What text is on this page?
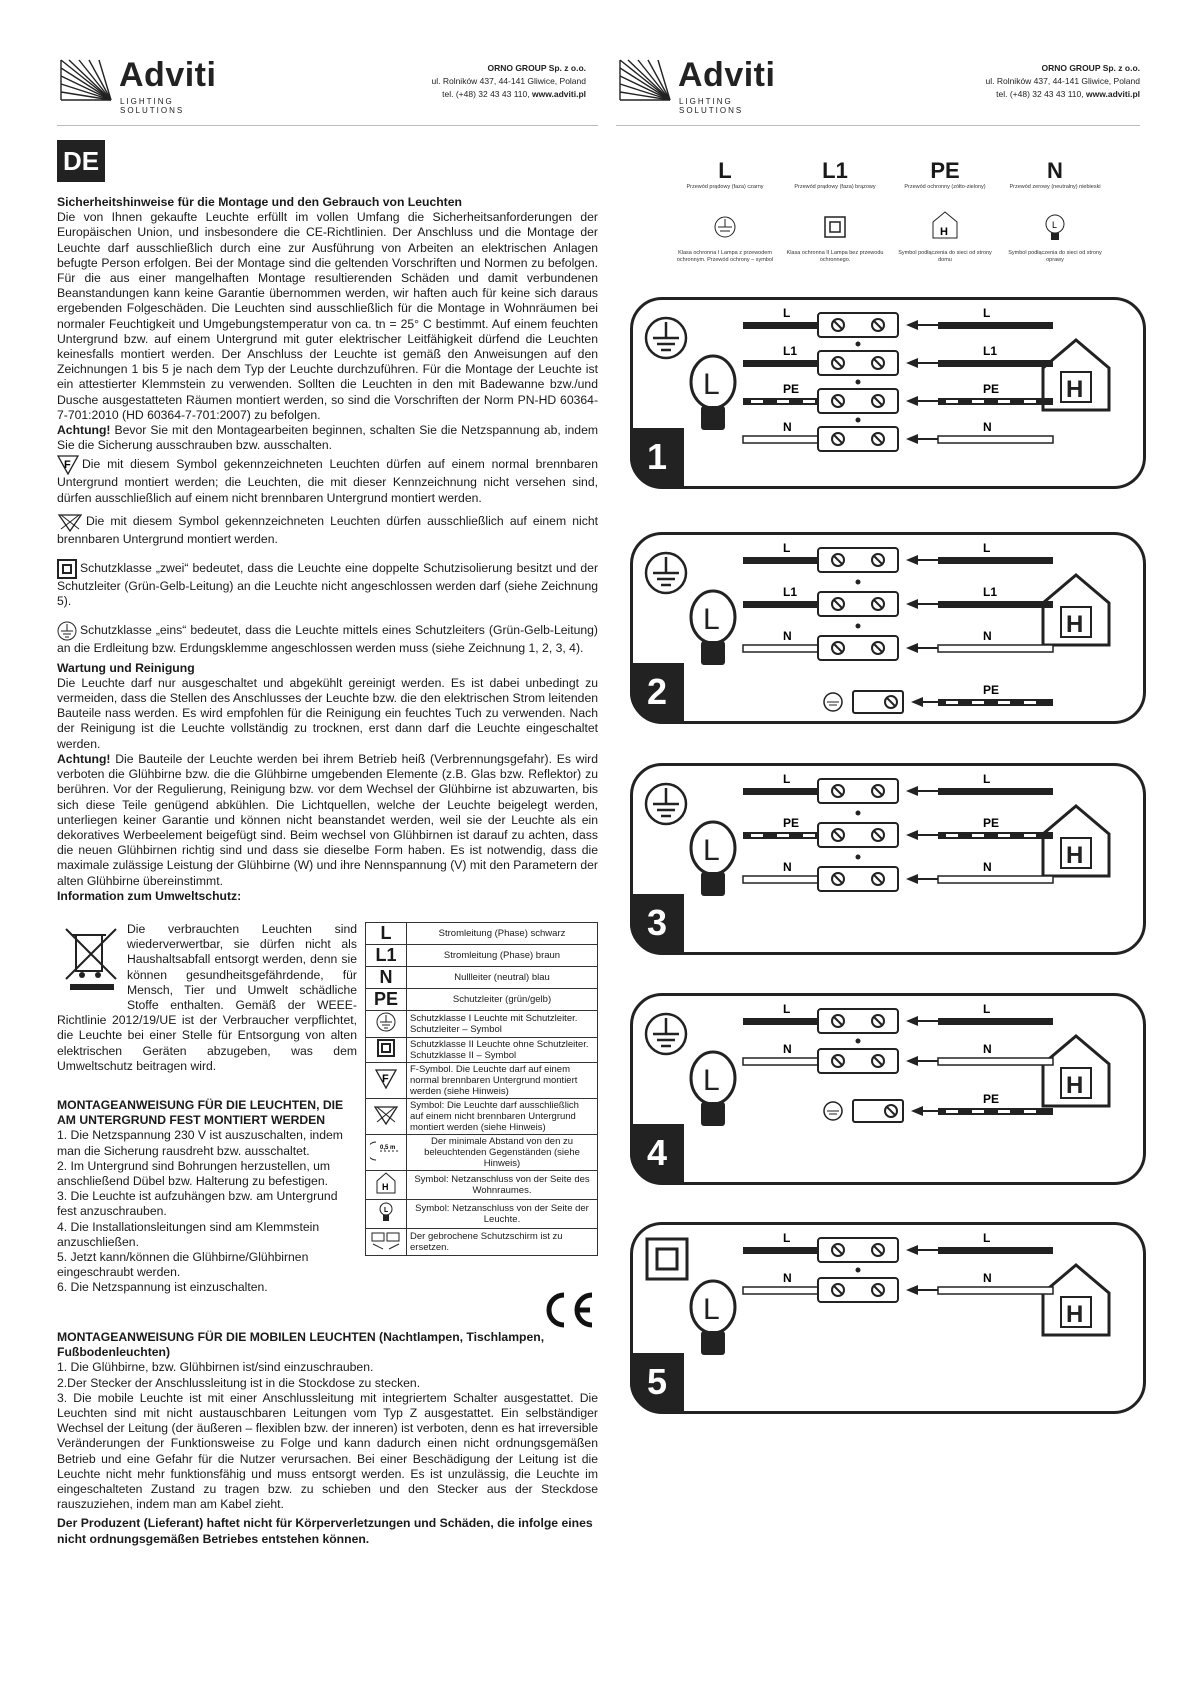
Adviti
LIGHTING SOLUTIONS
ORNO GROUP Sp. z o.o.
ul. Rolników 437, 44-141 Gliwice, Poland
tel. (+48) 32 43 43 110, www.adviti.pl	Adviti
LIGHTING SOLUTIONS
ORNO GROUP Sp. z o.o.
ul. Rolników 437, 44-141 Gliwice, Poland
tel. (+48) 32 43 43 110, www.adviti.pl
DE

Sicherheitshinweise für die Montage und den Gebrauch von Leuchten

Die von Ihnen gekaufte Leuchte erfüllt im vollen Umfang die Sicherheitsanforderungen der Europäischen Union, und insbesondere die CE-Richtlinien. Der Anschluss und die Montage der Leuchte darf ausschließlich durch eine zur Ausführung von Arbeiten an elektrischen Anlagen befugte Person erfolgen. Bei der Montage sind die geltenden Vorschriften und Normen zu befolgen. Für die aus einer mangelhaften Montage resultierenden Schäden und damit verbundenen Beanstandungen kann keine Garantie übernommen werden, wir haften auch für keine sich daraus ergebenden Folgeschäden. Die Leuchten sind ausschließlich für die Montage in Wohnräumen bei normaler Feuchtigkeit und Umgebungstemperatur von ca. tn = 25° C bestimmt. Auf einem feuchten Untergrund bzw. auf einem Untergrund mit guter elektrischer Leitfähigkeit dürfend die Leuchten keinesfalls montiert werden. Der Anschluss der Leuchte ist gemäß den Anweisungen auf den Zeichnungen 1 bis 5 je nach dem Typ der Leuchte durchzuführen. Für die Montage der Leuchte ist ein attestierter Klemmstein zu verwenden. Sollten die Leuchten in den mit Badewanne bzw./und Dusche ausgestatteten Räumen montiert werden, so sind die Vorschriften der Norm PN-HD 60364-7-701:2010 (HD 60364-7-701:2007) zu befolgen.

Achtung! Bevor Sie mit den Montagearbeiten beginnen, schalten Sie die Netzspannung ab, indem Sie die Sicherung ausschrauben bzw. ausschalten.

F Die mit diesem Symbol gekennzeichneten Leuchten dürfen auf einem normal brennbaren Untergrund montiert werden; die Leuchten, die mit dieser Kennzeichnung nicht versehen sind, dürfen ausschließlich auf einem nicht brennbaren Untergrund montiert werden.

Die mit diesem Symbol gekennzeichneten Leuchten dürfen ausschließlich auf einem nicht brennbaren Untergrund montiert werden.

Schutzklasse „zwei“ bedeutet, dass die Leuchte eine doppelte Schutzisolierung besitzt und der Schutzleiter (Grün-Gelb-Leitung) an die Leuchte nicht angeschlossen werden darf (siehe Zeichnung 5).

Schutzklasse „eins“ bedeutet, dass die Leuchte mittels eines Schutzleiters (Grün-Gelb-Leitung) an die Erdleitung bzw. Erdungsklemme angeschlossen werden muss (siehe Zeichnung 1, 2, 3, 4).

Wartung und Reinigung

Die Leuchte darf nur ausgeschaltet und abgekühlt gereinigt werden. Es ist dabei unbedingt zu vermeiden, dass die Stellen des Anschlusses der Leuchte bzw. die den elektrischen Strom leitenden Bauteile nass werden. Es wird empfohlen für die Reinigung ein feuchtes Tuch zu verwenden. Nach der Reinigung ist die Leuchte vollständig zu trocknen, erst dann darf die Leuchte eingeschaltet werden.

Achtung! Die Bauteile der Leuchte werden bei ihrem Betrieb heiß (Verbrennungsgefahr). Es wird verboten die Glühbirne bzw. die die Glühbirne umgebenden Elemente (z.B. Glas bzw. Reflektor) zu berühren. Vor der Regulierung, Reinigung bzw. vor dem Wechsel der Glühbirne ist abzuwarten, bis sich diese Teile genügend abkühlen. Die Lichtquellen, welche der Leuchte beigelegt werden, unterliegen keiner Garantie und können nicht beanstandet werden, weil sie der Leuchte als ein dekoratives Werbeelement beigefügt sind. Beim wechsel von Glühbirnen ist darauf zu achten, dass die neuen Glühbirnen richtig sind und dass sie dieselbe Form haben. Es ist notwendig, dass die maximale zulässige Leistung der Glühbirne (W) und ihre Nennspannung (V) mit den Parametern der alten Glühbirne übereinstimmt.

Information zum Umweltschutz:

Die verbrauchten Leuchten sind wiederverwertbar, sie dürfen nicht als Haushaltsabfall entsorgt werden, denn sie können gesundheitsgefährdende, für Mensch, Tier und Umwelt schädliche Stoffe enthalten. Gemäß der WEEE-Richtlinie 2012/19/UE ist der Verbraucher verpflichtet, die Leuchte bei einer Stelle für Entsorgung von alten elektrischen Geräten abzugeben, was dem Umweltschutz beitragen wird.

MONTAGEANWEISUNG FÜR DIE LEUCHTEN, DIE AM UNTERGRUND FEST MONTIERT WERDEN

1. Die Netzspannung 230 V ist auszuschalten, indem man die Sicherung rausdreht bzw. ausschaltet.
2. Im Untergrund sind Bohrungen herzustellen, um anschließend Dübel bzw. Halterung zu befestigen.
3. Die Leuchte ist aufzuhängen bzw. am Untergrund fest anzuschrauben.
4. Die Installationsleitungen sind am Klemmstein anzuschließen.
5. Jetzt kann/können die Glühbirne/Glühbirnen eingeschraubt werden.
6. Die Netzspannung ist einzuschalten.
L	Stromleitung (Phase) schwarz
L1	Stromleitung (Phase) braun
N	Nullleiter (neutral) blau
PE	Schutzleiter (grün/gelb)
	Schutzklasse I Leuchte mit Schutzleiter. Schutzleiter – Symbol
	Schutzklasse II Leuchte ohne Schutzleiter. Schutzklasse II – Symbol

F	F-Symbol. Die Leuchte darf auf einem normal brennbaren Untergrund montiert werden (siehe Hinweis)
	Symbol: Die Leuchte darf ausschließlich auf einem nicht brennbaren Untergrund montiert werden (siehe Hinweis)

0,5 m	Der minimale Abstand von den zu beleuchtenden Gegenständen (siehe Hinweis)

H	Symbol: Netzanschluss von der Seite des Wohnraumes.

L	Symbol: Netzanschluss von der Seite der Leuchte.
	Der gebrochene Schutzschirm ist zu ersetzen.

MONTAGEANWEISUNG FÜR DIE MOBILEN LEUCHTEN (Nachtlampen, Tischlampen, Fußbodenleuchten)

1. Die Glühbirne, bzw. Glühbirnen ist/sind einzuschrauben.
2.Der Stecker der Anschlussleitung ist in die Stockdose zu stecken.
3. Die mobile Leuchte ist mit einer Anschlussleitung mit integriertem Schalter ausgestattet. Die Leuchten sind mit nicht austauschbaren Leitungen vom Typ Z ausgestattet. Ein selbständiger Wechsel der Leitung (der äußeren – flexiblen bzw. der inneren) ist verboten, denn es hat irreversible Veränderungen der Funktionsweise zu Folge und kann dadurch einen nicht ordnungsgemäßen Betrieb und eine Gefahr für die Nutzer verursachen. Bei einer Beschädigung der Leitung ist die Leuchte nicht mehr funktionsfähig und muss entsorgt werden. Es ist unzulässig, die Leuchte im eingeschalteten Zustand zu tragen bzw. zu schieben und den Stecker aus der Steckdose rauszuziehen, indem man am Kabel zieht.

Der Produzent (Lieferant) haftet nicht für Körperverletzungen und Schäden, die infolge eines nicht ordnungsgemäßen Betriebes entstehen können.

L
Przewód prądowy (faza) czarny
Klasa ochronna I Lampa z przewodem ochronnym. Przewód ochrony – symbol
L1
Przewód prądowy (faza) brązowy
Klasa ochronna II Lampa bez przewodu ochronnego.
PE
Przewód ochronny (zółto-zielony)
Symbol podłączenia do sieci od strony domu
N
Przewód zerowy (neutralny) niebieski
Symbol podłączenia do sieci od strony oprawy
H
L
L	H
L	L
L1	L1
PE	PE
N	N
1
L	H
L	L
L1	L1
N	N
PE
2
L	H
L	L
PE	PE
N	N
3
L	H
L	L
N	N
PE
4
L	H
L	L
N	N
5
